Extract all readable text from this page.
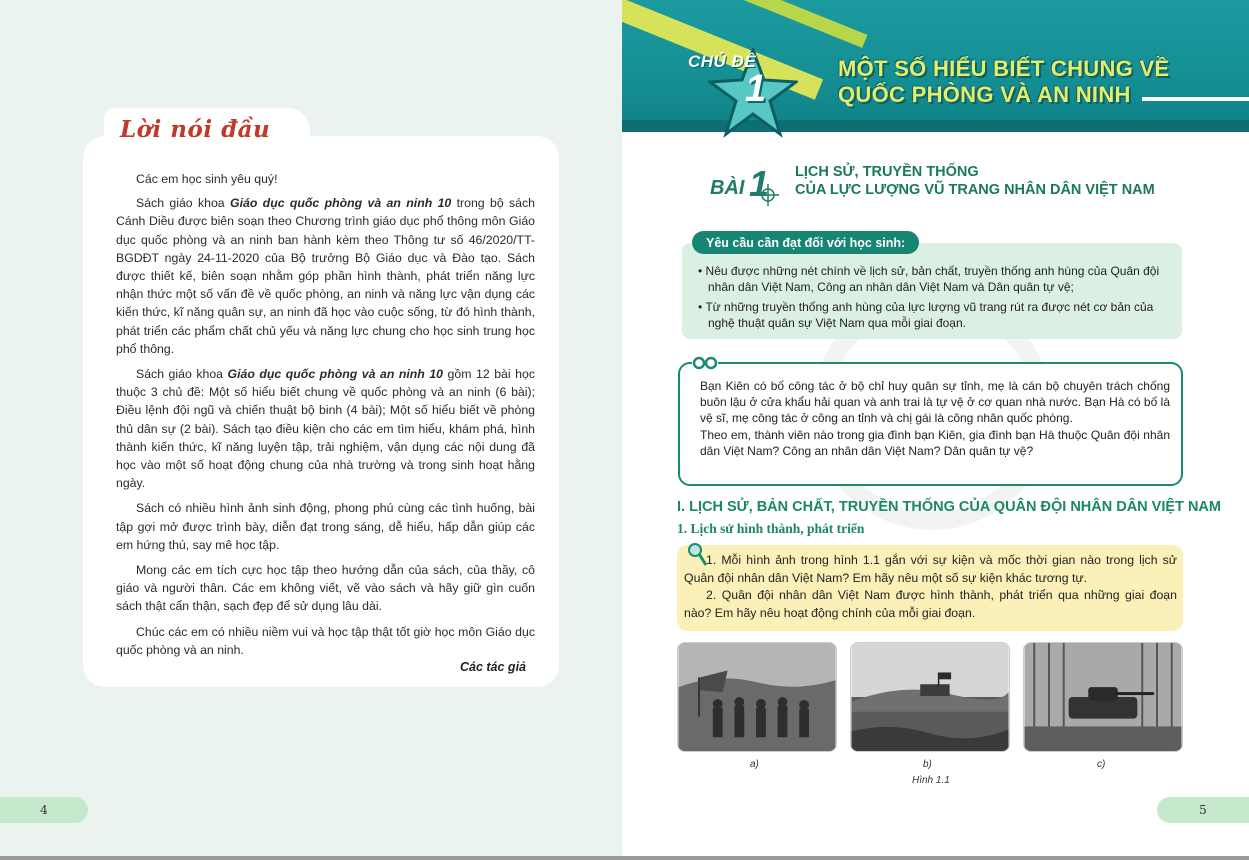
Lời nói đầu

Các em học sinh yêu quý!

Sách giáo khoa Giáo dục quốc phòng và an ninh 10 trong bộ sách Cánh Diều được biên soạn theo Chương trình giáo dục phổ thông môn Giáo dục quốc phòng và an ninh ban hành kèm theo Thông tư số 46/2020/TT-BGDĐT ngày 24-11-2020 của Bộ trưởng Bộ Giáo dục và Đào tạo. Sách được thiết kế, biên soạn nhằm góp phần hình thành, phát triển năng lực nhận thức một số vấn đề về quốc phòng, an ninh và năng lực vận dụng các kiến thức, kĩ năng quân sự, an ninh đã học vào cuộc sống, từ đó hình thành, phát triển các phẩm chất chủ yếu và năng lực chung cho học sinh trung học phổ thông.

Sách giáo khoa Giáo dục quốc phòng và an ninh 10 gồm 12 bài học thuộc 3 chủ đề: Một số hiểu biết chung về quốc phòng và an ninh (6 bài); Điều lệnh đội ngũ và chiến thuật bộ binh (4 bài); Một số hiểu biết về phòng thủ dân sự (2 bài). Sách tạo điều kiện cho các em tìm hiểu, khám phá, hình thành kiến thức, kĩ năng luyện tập, trải nghiệm, vận dụng các nội dung đã học vào một số hoạt động chung của nhà trường và trong sinh hoạt hằng ngày.

Sách có nhiều hình ảnh sinh động, phong phú cùng các tình huống, bài tập gợi mở được trình bày, diễn đạt trong sáng, dễ hiểu, hấp dẫn giúp các em hứng thú, say mê học tập.

Mong các em tích cực học tập theo hướng dẫn của sách, của thầy, cô giáo và người thân. Các em không viết, vẽ vào sách và hãy giữ gìn cuốn sách thật cẩn thận, sạch đẹp để sử dụng lâu dài.

Chúc các em có nhiều niềm vui và học tập thật tốt giờ học môn Giáo dục quốc phòng và an ninh.

Các tác giả
4
CHỦ ĐỀ
1	MỘT SỐ HIỂU BIẾT CHUNG VỀ
QUỐC PHÒNG VÀ AN NINH
BÀI 1 LỊCH SỬ, TRUYỀN THỐNG
CỦA LỰC LƯỢNG VŨ TRANG NHÂN DÂN VIỆT NAM
Yêu cầu cần đạt đối với học sinh:
• Nêu được những nét chính về lịch sử, bản chất, truyền thống anh hùng của Quân đội nhân dân Việt Nam, Công an nhân dân Việt Nam và Dân quân tự vệ;
• Từ những truyền thống anh hùng của lực lượng vũ trang rút ra được nét cơ bản của nghệ thuật quân sự Việt Nam qua mỗi giai đoạn.
Bạn Kiên có bố công tác ở bộ chỉ huy quân sự tỉnh, mẹ là cán bộ chuyên trách chống buôn lậu ở cửa khẩu hải quan và anh trai là tự vệ ở cơ quan nhà nước. Bạn Hà có bố là vệ sĩ, mẹ công tác ở công an tỉnh và chị gái là công nhân quốc phòng.
Theo em, thành viên nào trong gia đình bạn Kiên, gia đình bạn Hà thuộc Quân đội nhân dân Việt Nam? Công an nhân dân Việt Nam? Dân quân tự vệ?
I. LỊCH SỬ, BẢN CHẤT, TRUYỀN THỐNG CỦA QUÂN ĐỘI NHÂN DÂN VIỆT NAM
1. Lịch sử hình thành, phát triển

1. Mỗi hình ảnh trong hình 1.1 gắn với sự kiện và mốc thời gian nào trong lịch sử Quân đội nhân dân Việt Nam? Em hãy nêu một số sự kiện khác tương tự.

2. Quân đội nhân dân Việt Nam được hình thành, phát triển qua những giai đoạn nào? Em hãy nêu hoạt động chính của mỗi giai đoạn.

a)	b)	c)
Hình 1.1
5
